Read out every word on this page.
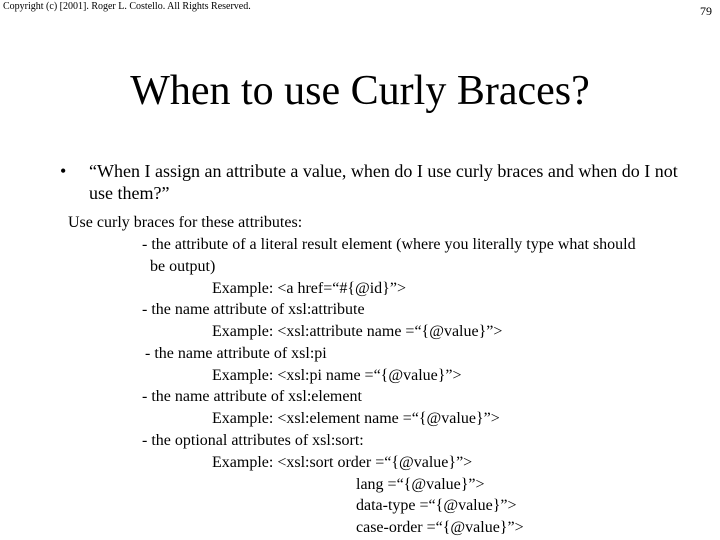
Copyright (c) [2001]. Roger L. Costello. All Rights Reserved.	79
When to use Curly Braces?
• “When I assign an attribute a value, when do I use curly braces and when do I not use them?”
Use curly braces for these attributes:
- the attribute of a literal result element (where you literally type what should
be output)
Example: <a href=“#{@id}”>
- the name attribute of xsl:attribute
Example: <xsl:attribute name =“{@value}”>
- the name attribute of xsl:pi
Example: <xsl:pi name =“{@value}”>
- the name attribute of xsl:element
Example: <xsl:element name =“{@value}”>
- the optional attributes of xsl:sort:
Example: <xsl:sort order =“{@value}”>
lang =“{@value}”>
data-type =“{@value}”>
case-order =“{@value}”>
